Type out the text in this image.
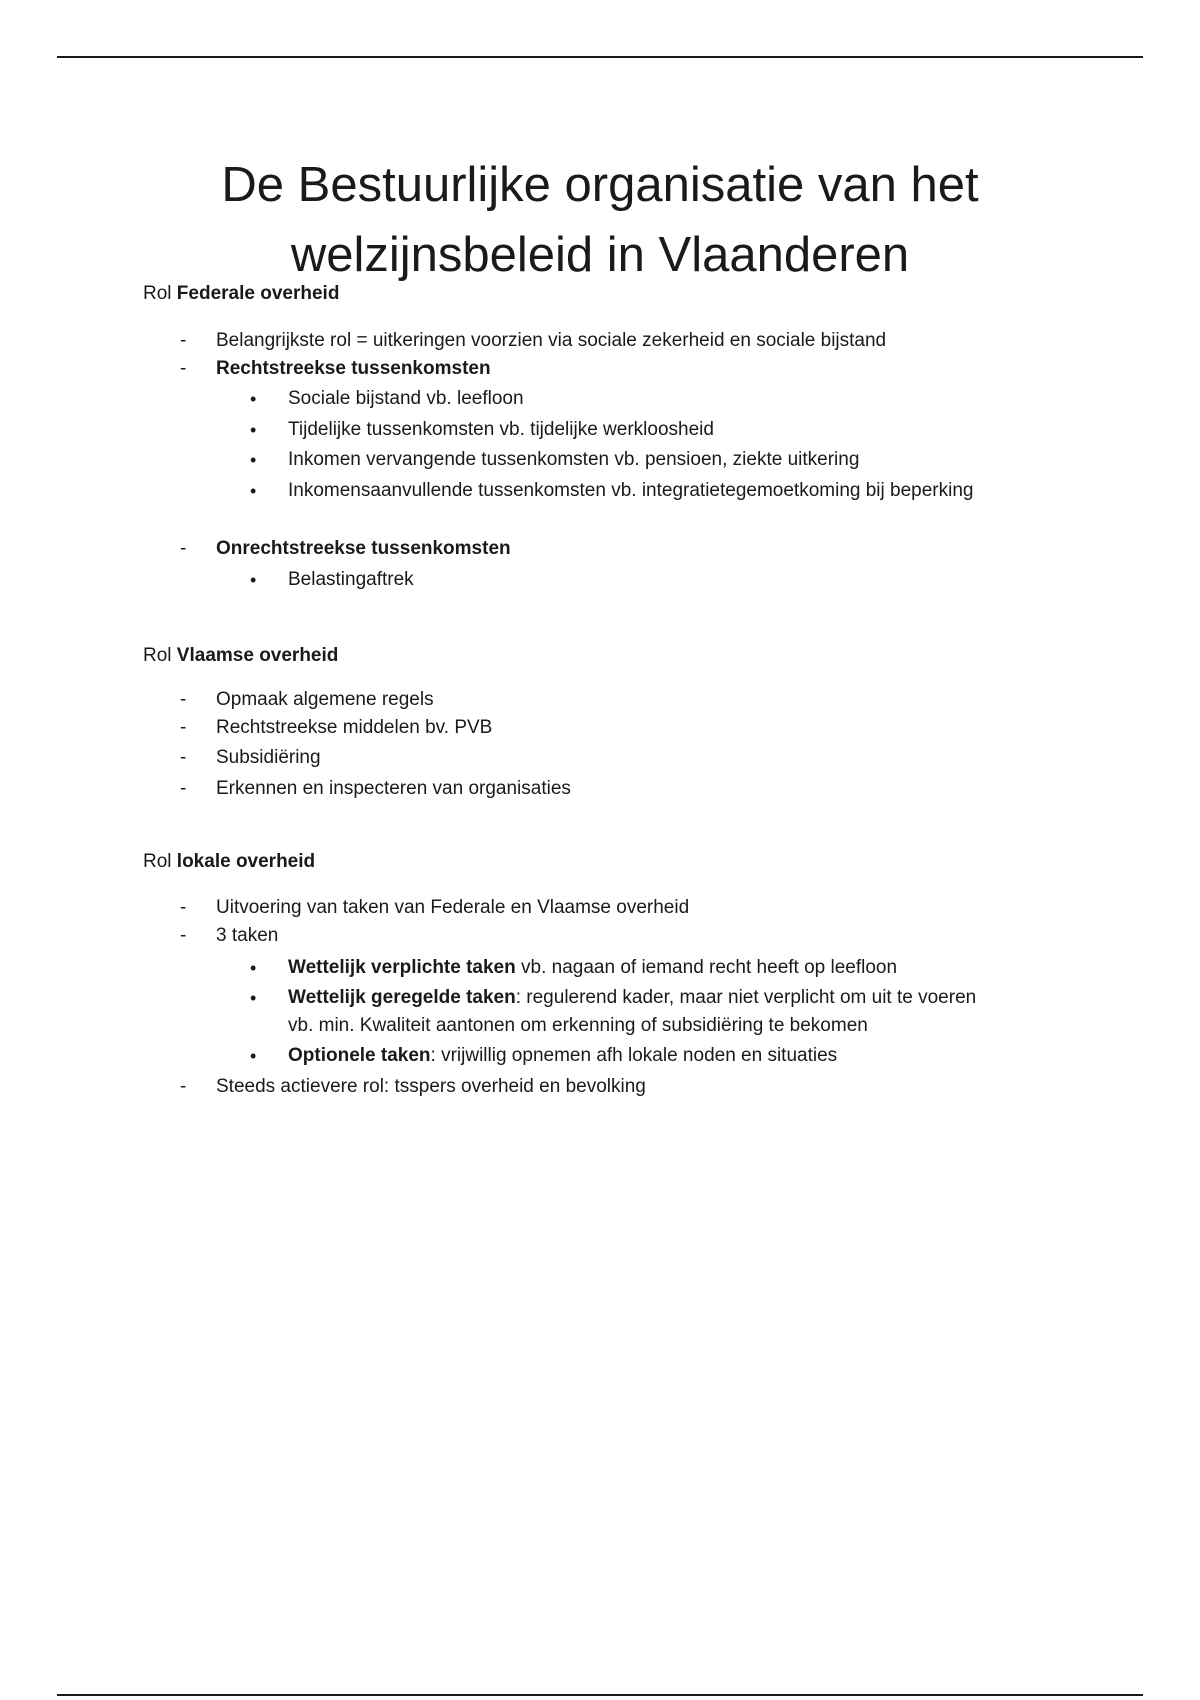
De Bestuurlijke organisatie van het
welzijnsbeleid in Vlaanderen

Rol Federale overheid

-	Belangrijkste rol = uitkeringen voorzien via sociale zekerheid en sociale bijstand
-	Rechtstreekse tussenkomsten
• Sociale bijstand vb. leefloon
• Tijdelijke tussenkomsten vb. tijdelijke werkloosheid
• Inkomen vervangende tussenkomsten vb. pensioen, ziekte uitkering
• Inkomensaanvullende tussenkomsten vb. integratietegemoetkoming bij beperking
-	Onrechtstreekse tussenkomsten
• Belastingaftrek

Rol Vlaamse overheid

-	Opmaak algemene regels
-	Rechtstreekse middelen bv. PVB
-	Subsidiëring
-	Erkennen en inspecteren van organisaties

Rol lokale overheid

-	Uitvoering van taken van Federale en Vlaamse overheid
-	3 taken
• Wettelijk verplichte taken vb. nagaan of iemand recht heeft op leefloon
• Wettelijk geregelde taken: regulerend kader, maar niet verplicht om uit te voeren
vb. min. Kwaliteit aantonen om erkenning of subsidiëring te bekomen
• Optionele taken: vrijwillig opnemen afh lokale noden en situaties
-	Steeds actievere rol: tsspers overheid en bevolking
